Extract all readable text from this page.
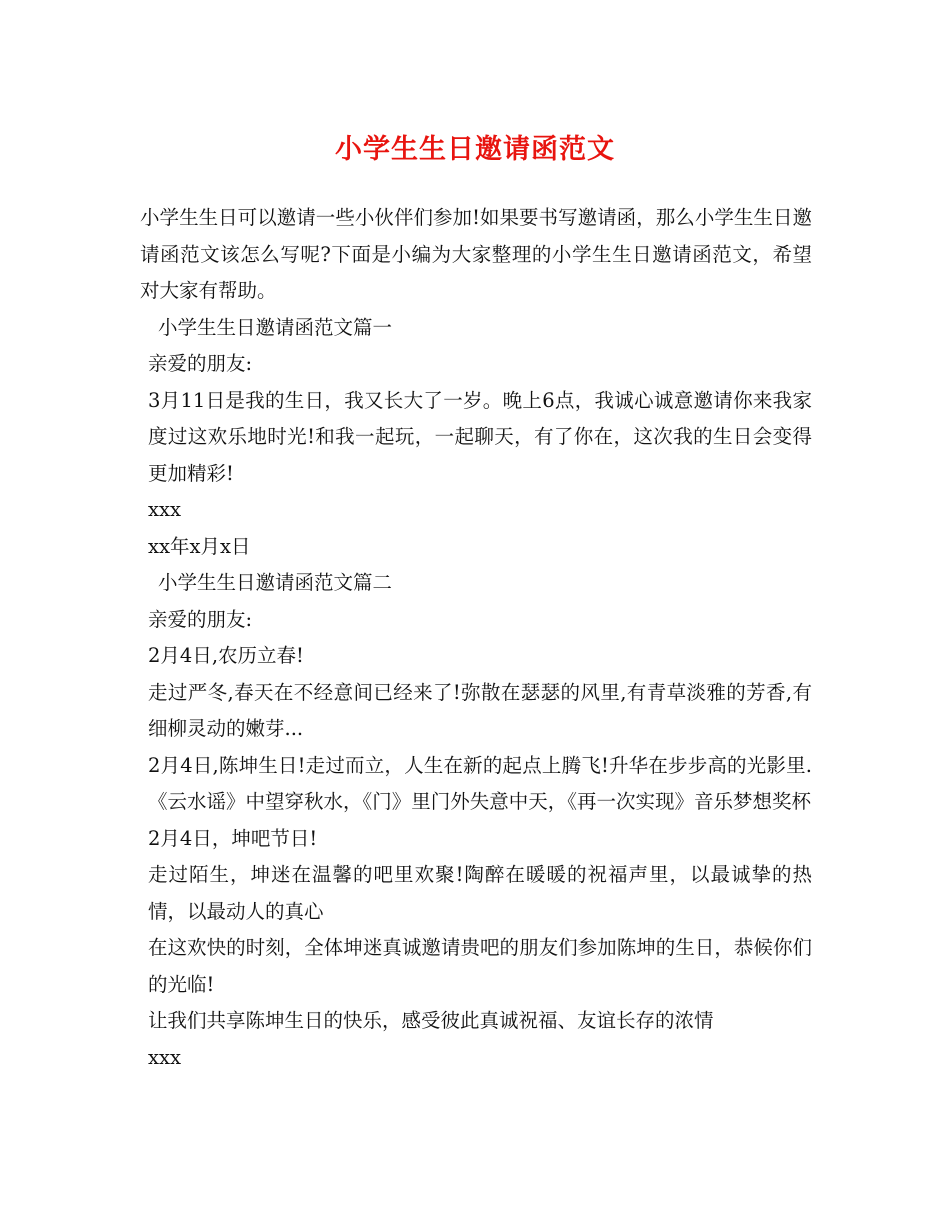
小学生生日邀请函范文

小学生生日可以邀请一些小伙伴们参加!如果要书写邀请函，那么小学生生日邀请函范文该怎么写呢?下面是小编为大家整理的小学生生日邀请函范文，希望对大家有帮助。

小学生生日邀请函范文篇一

亲爱的朋友:

3月11日是我的生日，我又长大了一岁。晚上6点，我诚心诚意邀请你来我家度过这欢乐地时光!和我一起玩，一起聊天，有了你在，这次我的生日会变得更加精彩!

xxx

xx年x月x日

小学生生日邀请函范文篇二

亲爱的朋友:

2月4日,农历立春!

走过严冬,春天在不经意间已经来了!弥散在瑟瑟的风里,有青草淡雅的芳香,有细柳灵动的嫩芽...

2月4日,陈坤生日!走过而立，人生在新的起点上腾飞!升华在步步高的光影里.《云水谣》中望穿秋水，《门》里门外失意中天，《再一次实现》音乐梦想奖杯

2月4日，坤吧节日!

走过陌生，坤迷在温馨的吧里欢聚!陶醉在暖暖的祝福声里，以最诚挚的热情，以最动人的真心

在这欢快的时刻，全体坤迷真诚邀请贵吧的朋友们参加陈坤的生日，恭候你们的光临!

让我们共享陈坤生日的快乐，感受彼此真诚祝福、友谊长存的浓情

xxx
